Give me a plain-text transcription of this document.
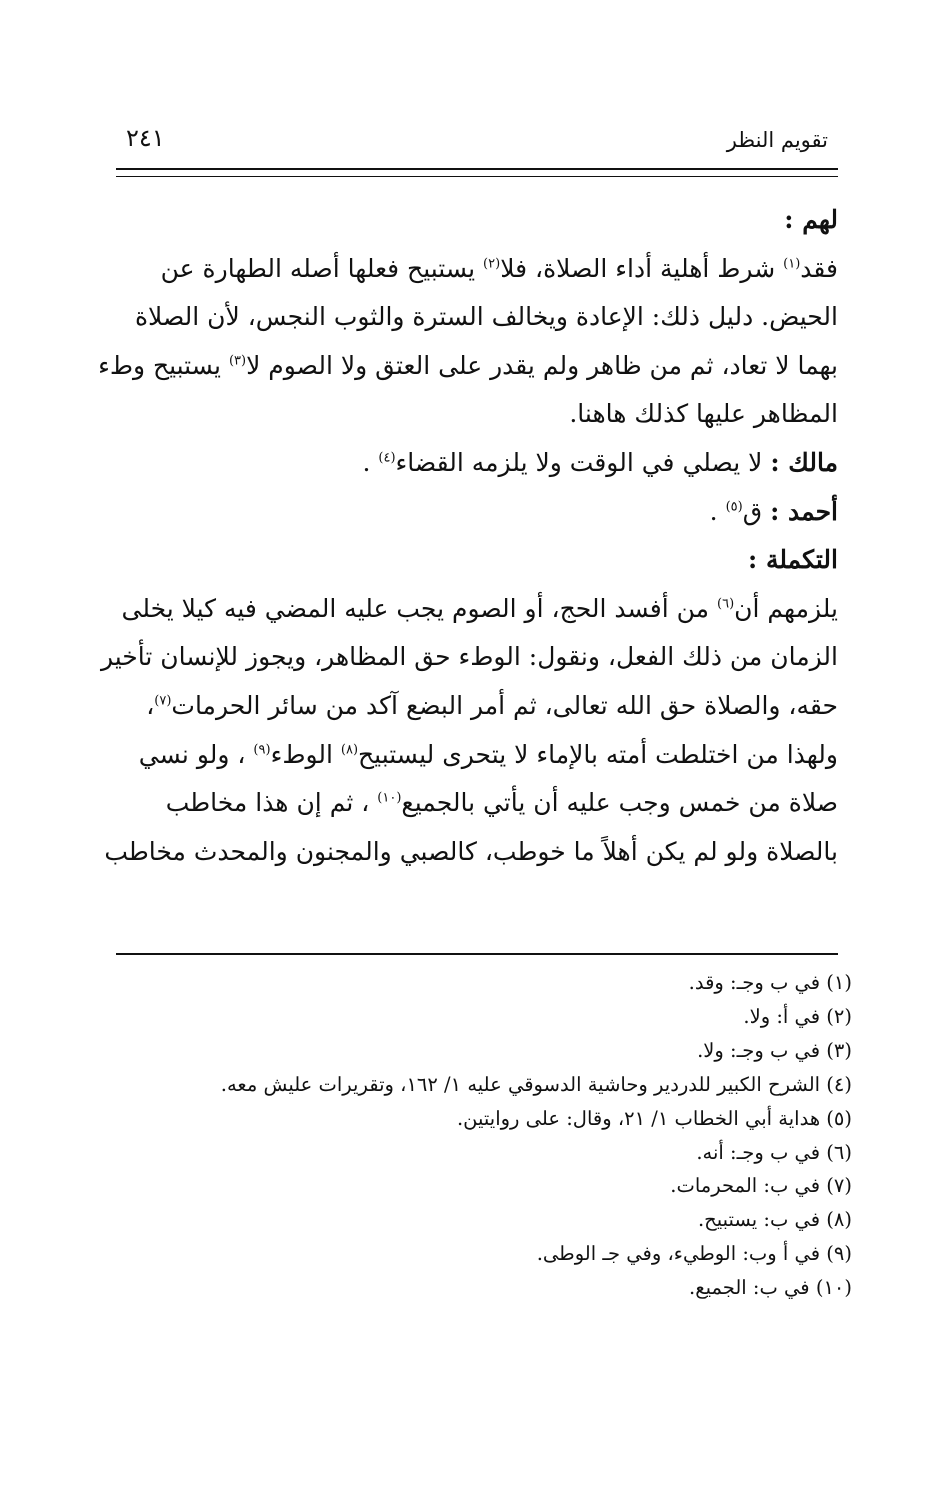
تقويم النظر
٢٤١
لهم :
فقد$^{(١)}$ شرط أهلية أداء الصلاة، فلا$^{(٢)}$ يستبيح فعلها أصله الطهارة عن
الحيض. دليل ذلك: الإعادة ويخالف السترة والثوب النجس، لأن الصلاة
بهما لا تعاد، ثم من ظاهر ولم يقدر على العتق ولا الصوم لا$^{(٣)}$ يستبيح وطء
المظاهر عليها كذلك هاهنا.
مالك : لا يصلي في الوقت ولا يلزمه القضاء$^{(٤)}$ .
أحمد : ق$^{(٥)}$ .
التكملة :
يلزمهم أن$^{(٦)}$ من أفسد الحج، أو الصوم يجب عليه المضي فيه كيلا يخلى
الزمان من ذلك الفعل، ونقول: الوطء حق المظاهر، ويجوز للإنسان تأخير
حقه، والصلاة حق الله تعالى، ثم أمر البضع آكد من سائر الحرمات$^{(٧)}$،
ولهذا من اختلطت أمته بالإماء لا يتحرى ليستبيح$^{(٨)}$ الوطء$^{(٩)}$ ، ولو نسي
صلاة من خمس وجب عليه أن يأتي بالجميع$^{(١٠)}$ ، ثم إن هذا مخاطب
بالصلاة ولو لم يكن أهلاً ما خوطب، كالصبي والمجنون والمحدث مخاطب
(١) في ب وجـ: وقد.
(٢) في أ: ولا.
(٣) في ب وجـ: ولا.
(٤) الشرح الكبير للدردير وحاشية الدسوقي عليه ١/ ١٦٢، وتقريرات عليش معه.
(٥) هداية أبي الخطاب ١/ ٢١، وقال: على روايتين.
(٦) في ب وجـ: أنه.
(٧) في ب: المحرمات.
(٨) في ب: يستبيح.
(٩) في أ وب: الوطيء، وفي جـ الوطى.
(١٠) في ب: الجميع.
